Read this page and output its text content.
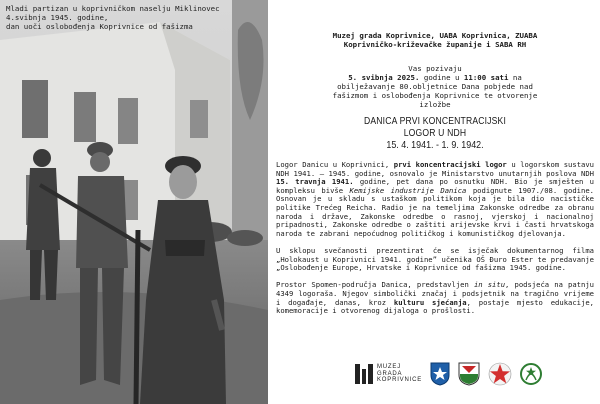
Mladi partizan u koprivničkom naselju Miklinovec
4.svibnja 1945. godine,
dan uoči oslobođenja Koprivnice od fašizma
Muzej grada Koprivnice, UABA Koprivnica, ZUABA
Koprivničko-križevačke županije i SABA RH
Vas pozivaju
5. svibnja 2025. godine u 11:00 sati na
obilježavanje 80.obljetnice Dana pobjede nad
fašizmom i oslobođenja Koprivnice te otvorenje
izložbe
DANICA PRVI KONCENTRACIJSKI
LOGOR U NDH
15. 4. 1941. - 1. 9. 1942.

Logor Danicu u Koprivnici, prvi koncentracijski logor u logorskom sustavu NDH 1941. – 1945. godine, osnovalo je Ministarstvo unutarnjih poslova NDH 15. travnja 1941. godine, pet dana po osnutku NDH. Bio je smješten u kompleksu bivše Kemijske industrije Danica podignute 1907./08. godine. Osnovan je u skladu s ustaškom politikom koja je bila dio nacističke politike Trećeg Reicha. Radio je na temeljima Zakonske odredbe za obranu naroda i države, Zakonske odredbe o rasnoj, vjerskoj i nacionalnoj pripadnosti, Zakonske odredbe o zaštiti arijevske krvi i časti hrvatskoga naroda te zabrani nepoćudnog političkog i komunističkog djelovanja.

U sklopu svečanosti prezentirat će se isječak dokumentarnog filma „Holokaust u Koprivnici 1941. godine” učenika OŠ Đuro Ester te predavanje „Oslobođenje Europe, Hrvatske i Koprivnice od fašizma 1945. godine.

Prostor Spomen-područja Danica, predstavljen in situ, podsjeća na patnju 4349 logoraša. Njegov simbolički značaj i podsjetnik na tragično vrijeme i događaje, danas, kroz kulturu sjećanja, postaje mjesto edukacije, komemoracije i otvorenog dijaloga o prošlosti.

MUZEJ
GRADA
KOPRIVNICE
